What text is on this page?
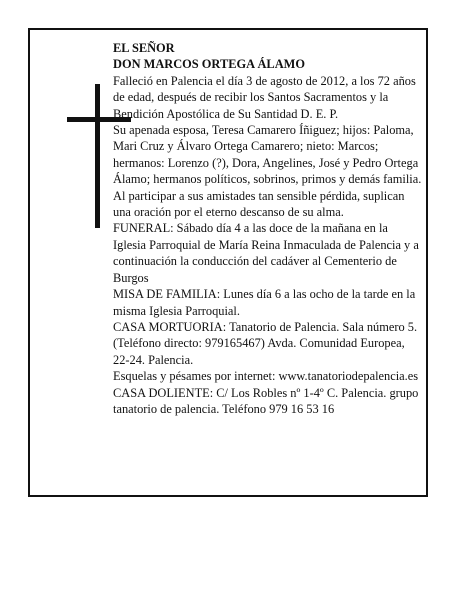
EL SEÑOR

DON MARCOS ORTEGA ÁLAMO

Falleció en Palencia el día 3 de agosto de 2012, a los 72 años de edad, después de recibir los Santos Sacramentos y la Bendición Apostólica de Su Santidad D. E. P.

Su apenada esposa, Teresa Camarero Íñiguez; hijos: Paloma, Mari Cruz y Álvaro Ortega Camarero; nieto: Marcos; hermanos: Lorenzo (?), Dora, Angelines, José y Pedro Ortega Álamo; hermanos políticos, sobrinos, primos y demás familia.

Al participar a sus amistades tan sensible pérdida, suplican una oración por el eterno descanso de su alma.

FUNERAL: Sábado día 4 a las doce de la mañana en la Iglesia Parroquial de María Reina Inmaculada de Palencia y a continuación la conducción del cadáver al Cementerio de Burgos

MISA DE FAMILIA: Lunes día 6 a las ocho de la tarde en la misma Iglesia Parroquial.

CASA MORTUORIA: Tanatorio de Palencia. Sala número 5. (Teléfono directo: 979165467) Avda. Comunidad Europea, 22-24. Palencia.

Esquelas y pésames por internet: www.tanatoriodepalencia.es

CASA DOLIENTE: C/ Los Robles nº 1-4º C. Palencia. grupo tanatorio de palencia. Teléfono 979 16 53 16
